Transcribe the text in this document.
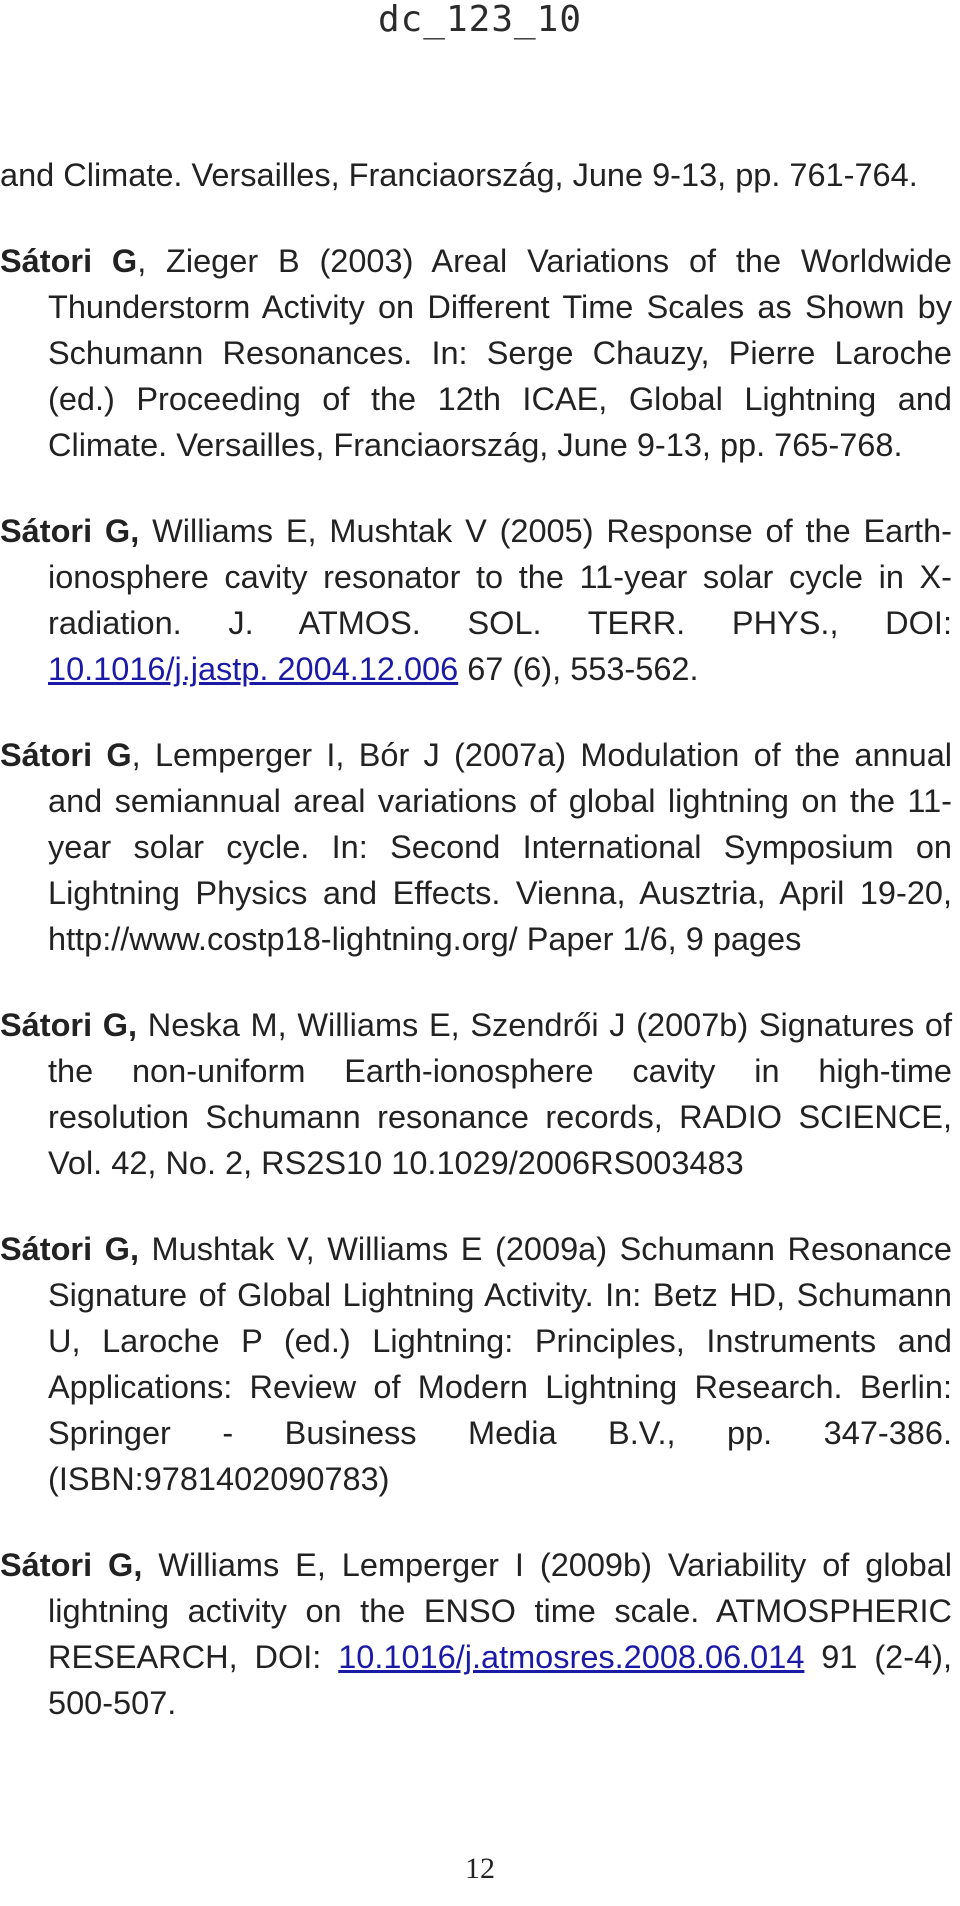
dc_123_10

and Climate. Versailles, Franciaország, June 9-13, pp. 761-764.

Sátori G, Zieger B (2003) Areal Variations of the Worldwide Thunderstorm Activity on Different Time Scales as Shown by Schumann Resonances. In: Serge Chauzy, Pierre Laroche (ed.) Proceeding of the 12th ICAE, Global Lightning and Climate. Versailles, Franciaország, June 9-13, pp. 765-768.

Sátori G, Williams E, Mushtak V (2005) Response of the Earth-ionosphere cavity resonator to the 11-year solar cycle in X-radiation. J. ATMOS. SOL. TERR. PHYS., DOI: 10.1016/j.jastp. 2004.12.006 67 (6), 553-562.

Sátori G, Lemperger I, Bór J (2007a) Modulation of the annual and semiannual areal variations of global lightning on the 11-year solar cycle. In: Second International Symposium on Lightning Physics and Effects. Vienna, Ausztria, April 19-20, http://www.costp18-lightning.org/ Paper 1/6, 9 pages

Sátori G, Neska M, Williams E, Szendrői J (2007b) Signatures of the non-uniform Earth-ionosphere cavity in high-time resolution Schumann resonance records, RADIO SCIENCE, Vol. 42, No. 2, RS2S10 10.1029/2006RS003483

Sátori G, Mushtak V, Williams E (2009a) Schumann Resonance Signature of Global Lightning Activity. In: Betz HD, Schumann U, Laroche P (ed.) Lightning: Principles, Instruments and Applications: Review of Modern Lightning Research. Berlin: Springer - Business Media B.V., pp. 347-386. (ISBN:9781402090783)

Sátori G, Williams E, Lemperger I (2009b) Variability of global lightning activity on the ENSO time scale. ATMOSPHERIC RESEARCH, DOI: 10.1016/j.atmosres.2008.06.014 91 (2-4), 500-507.

12
